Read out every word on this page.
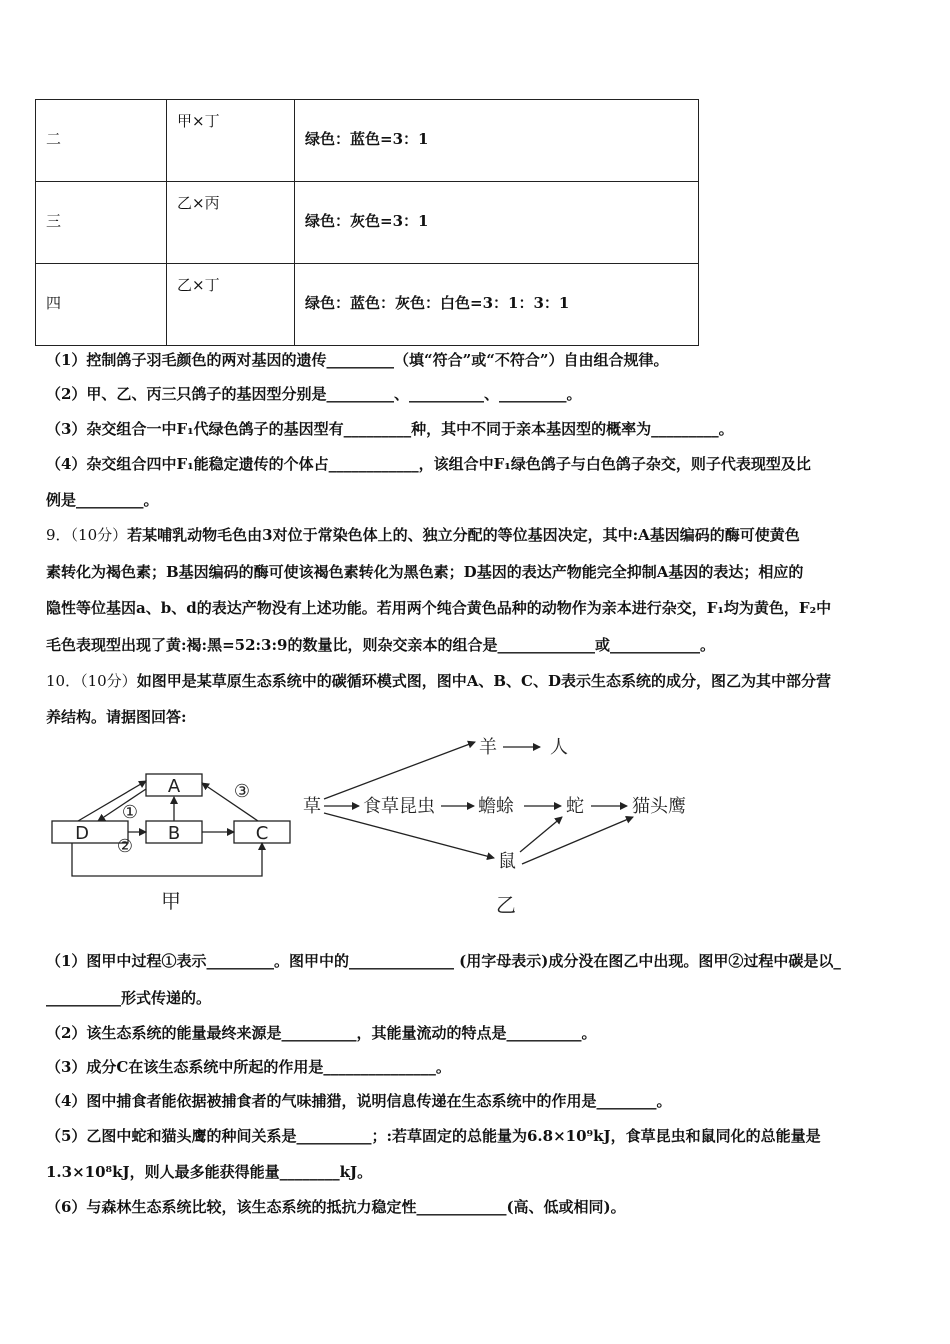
二	甲×丁	绿色：蓝色=3：1

三	乙×丙	绿色：灰色=3：1

四	乙×丁	绿色：蓝色：灰色：白色=3：1：3：1
（1）控制鸽子羽毛颜色的两对基因的遗传_________（填“符合”或“不符合”）自由组合规律。
（2）甲、乙、丙三只鸽子的基因型分别是_________、__________、_________。
（3）杂交组合一中F₁代绿色鸽子的基因型有_________种，其中不同于亲本基因型的概率为_________。
（4）杂交组合四中F₁能稳定遗传的个体占____________，该组合中F₁绿色鸽子与白色鸽子杂交，则子代表现型及比
例是_________。
9．（10分）若某哺乳动物毛色由3对位于常染色体上的、独立分配的等位基因决定，其中:A基因编码的酶可使黄色
素转化为褐色素；B基因编码的酶可使该褐色素转化为黑色素；D基因的表达产物能完全抑制A基因的表达；相应的
隐性等位基因a、b、d的表达产物没有上述功能。若用两个纯合黄色品种的动物作为亲本进行杂交，F₁均为黄色，F₂中
毛色表现型出现了黄:褐:黑=52:3:9的数量比，则杂交亲本的组合是_____________或____________。
10．（10分）如图甲是某草原生态系统中的碳循环模式图，图中A、B、C、D表示生态系统的成分，图乙为其中部分营
养结构。请据图回答:
A
B	C
D
①
②
③
甲
草 食草昆虫 蟾蜍	蛇	猫头鹰
羊	人
鼠
乙
（1）图甲中过程①表示_________。图甲中的______________ (用字母表示)成分没在图乙中出现。图甲②过程中碳是以_
__________形式传递的。
（2）该生态系统的能量最终来源是__________，其能量流动的特点是__________。
（3）成分C在该生态系统中所起的作用是_______________。
（4）图中捕食者能依据被捕食者的气味捕猎，说明信息传递在生态系统中的作用是________。
（5）乙图中蛇和猫头鹰的种间关系是__________；:若草固定的总能量为6.8×10⁹kJ，食草昆虫和鼠同化的总能量是
1.3×10⁸kJ，则人最多能获得能量________kJ。
（6）与森林生态系统比较，该生态系统的抵抗力稳定性____________(高、低或相同)。
